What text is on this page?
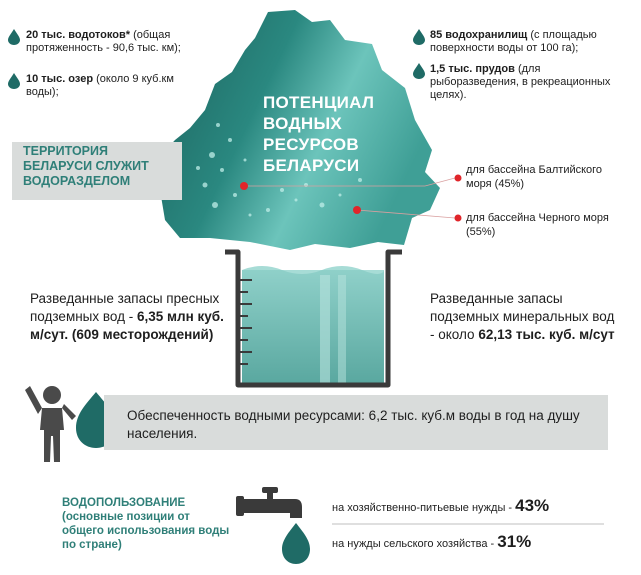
20 тыс. водотоков* (общая протяженность - 90,6 тыс. км);
10 тыс. озер (около 9 куб.км воды);
85 водохранилищ (с площадью поверхности воды от 100 га);
1,5 тыс. прудов (для рыборазведения, в рекреационных целях).
ПОТЕНЦИАЛ ВОДНЫХ РЕСУРСОВ БЕЛАРУСИ
ТЕРРИТОРИЯ БЕЛАРУСИ СЛУЖИТ ВОДОРАЗДЕЛОМ
для бассейна Балтийского моря (45%)
для бассейна Черного моря (55%)
Разведанные запасы пресных подземных вод - 6,35 млн куб. м/сут. (609 месторождений)
Разведанные запасы подземных минеральных вод - около 62,13 тыс. куб. м/сут
Обеспеченность водными ресурсами: 6,2 тыс. куб.м воды в год на душу населения.
ВОДОПОЛЬЗОВАНИЕ (основные позиции от общего использования воды по стране)
на хозяйственно-питьевые нужды - 43%
на нужды сельского хозяйства - 31%
